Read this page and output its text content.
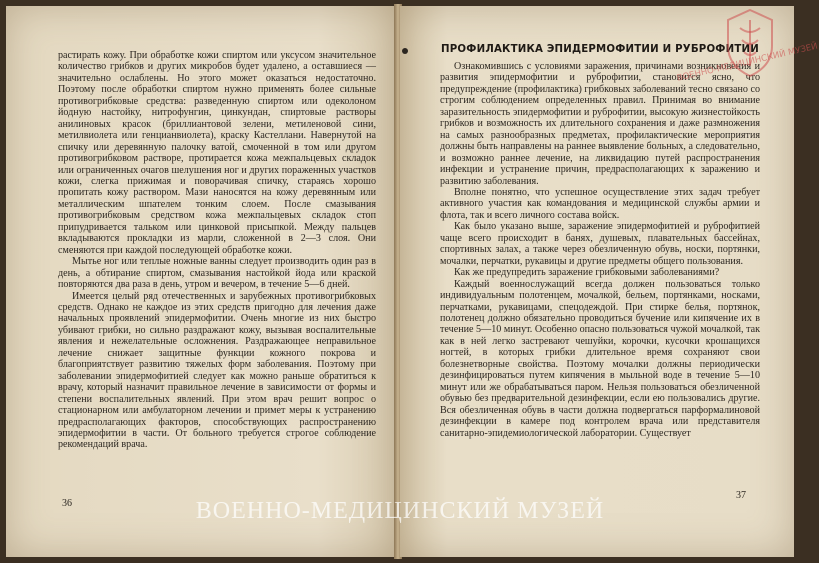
растирать кожу. При обработке кожи спиртом или уксусом значительное количество грибков и других микробов будет удалено, а оставшиеся — значительно ослаблены. Но этого может оказаться недостаточно. Поэтому после обработки спиртом нужно применять более сильные противогрибковые средства: разведенную спиртом или одеколоном йодную настойку, нитрофунгин, цинкундан, спиртовые растворы анилиновых красок (бриллиантовой зелени, метиленовой сини, метилвиолета или генцианвиолета), краску Кастеллани. Навернутой на спичку или деревянную палочку ватой, смоченной в том или другом противогрибковом растворе, протирается кожа межпальцевых складок или ограниченных очагов шелушения ног и других пораженных участков кожи, слегка прижимая и поворачивая спичку, стараясь хорошо пропитать кожу раствором. Мази наносятся на кожу деревянным или металлическим шпателем тонким слоем. После смазывания противогрибковым средством кожа межпальцевых складок стоп припудривается тальком или цинковой присыпкой. Между пальцев вкладываются прокладки из марли, сложенной в 2—3 слоя. Они сменяются при каждой последующей обработке кожи.

Мытье ног или теплые ножные ванны следует производить один раз в день, а обтирание спиртом, смазывания настойкой йода или краской повторяются два раза в день, утром и вечером, в течение 5—6 дней.

Имеется целый ряд отечественных и зарубежных противогрибковых средств. Однако не каждое из этих средств пригодно для лечения даже начальных проявлений эпидермофитии. Очень многие из них быстро убивают грибки, но сильно раздражают кожу, вызывая воспалительные явления и нежелательные осложнения. Раздражающее неправильное лечение снижает защитные функции кожного покрова и благоприятствует развитию тяжелых форм заболевания. Поэтому при заболевании эпидермофитией следует как можно раньше обратиться к врачу, который назначит правильное лечение в зависимости от формы и степени воспалительных явлений. При этом врач решит вопрос о стационарном или амбулаторном лечении и примет меры к устранению предрасполагающих факторов, способствующих распространению эпидермофитии в части. От больного требуется строгое соблюдение рекомендаций врача.

36
ПРОФИЛАКТИКА ЭПИДЕРМОФИТИИ И РУБРОФИТИИ

Ознакомившись с условиями заражения, причинами возникновения и развития эпидермофитии и руброфитии, становится ясно, что предупреждение (профилактика) грибковых заболеваний тесно связано со строгим соблюдением определенных правил. Принимая во внимание заразительность эпидермофитии и руброфитии, высокую жизнестойкость грибков и возможность их длительного сохранения и даже размножения на самых разнообразных предметах, профилактические мероприятия должны быть направлены на раннее выявление больных, а следовательно, и возможно раннее лечение, на ликвидацию путей распространения инфекции и устранение причин, предрасполагающих к заражению и развитию заболевания.

Вполне понятно, что успешное осуществление этих задач требует активного участия как командования и медицинской службы армии и флота, так и всего личного состава войск.

Как было указано выше, заражение эпидермофитией и руброфитией чаще всего происходит в банях, душевых, плавательных бассейнах, спортивных залах, а также через обезличенную обувь, носки, портянки, мочалки, перчатки, рукавицы и другие предметы общего пользования.

Как же предупредить заражение грибковыми заболеваниями?

Каждый военнослужащий всегда должен пользоваться только индивидуальным полотенцем, мочалкой, бельем, портянками, носками, перчатками, рукавицами, спецодеждой. При стирке белья, портянок, полотенец должно обязательно проводиться бучение или кипячение их в течение 5—10 минут. Особенно опасно пользоваться чужой мочалкой, так как в ней легко застревают чешуйки, корочки, кусочки крошащихся ногтей, в которых грибки длительное время сохраняют свои болезнетворные свойства. Поэтому мочалки должны периодически дезинфицироваться путем кипячения в мыльной воде в течение 5—10 минут или же обрабатываться паром. Нельзя пользоваться обезличенной обувью без предварительной дезинфекции, если ею пользовались другие. Вся обезличенная обувь в части должна подвергаться парформалиновой дезинфекции в камере под контролем врача или представителя санитарно-эпидемиологической лаборатории. Существует

37
ВОЕННО-МЕДИЦИНСКИЙ МУЗЕЙ
ВОЕННО-МЕДИЦИНСКИЙ МУЗЕЙ
